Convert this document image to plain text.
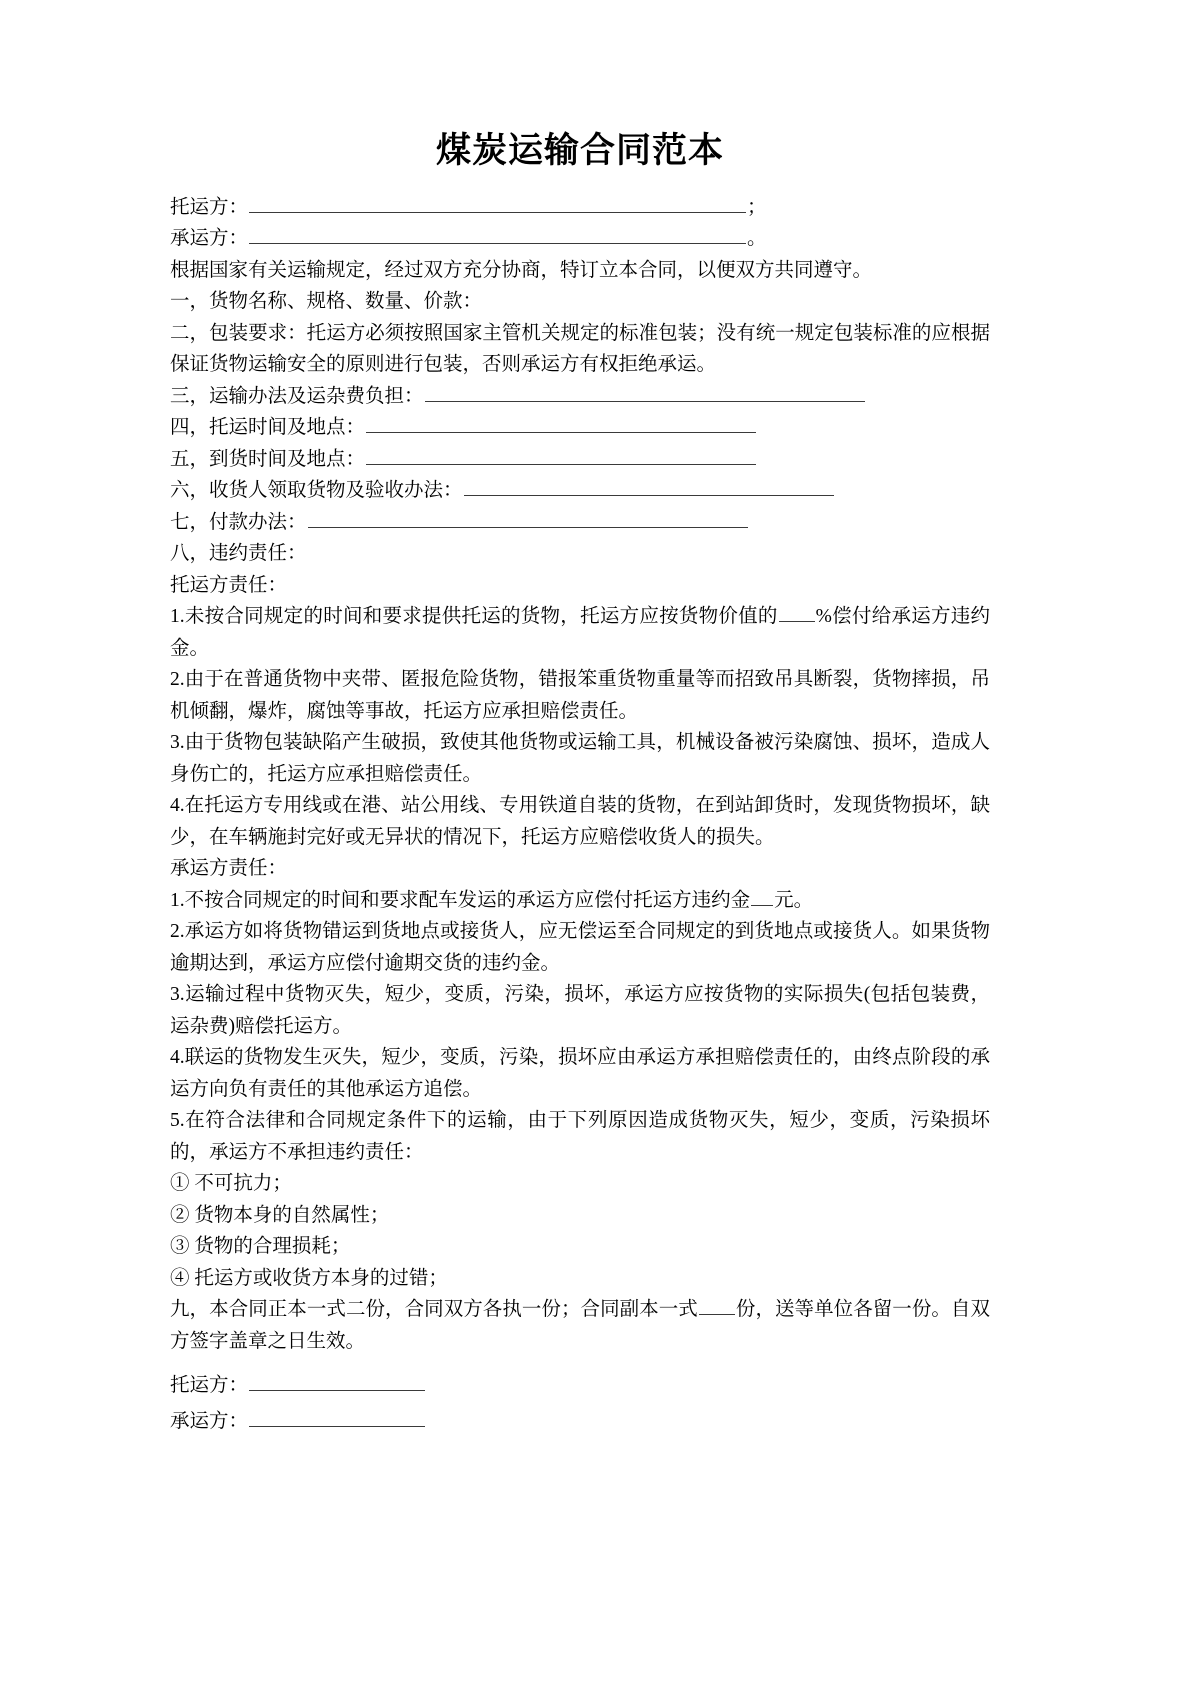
煤炭运输合同范本

托运方：	；

承运方：	。

根据国家有关运输规定，经过双方充分协商，特订立本合同，以便双方共同遵守。

一，货物名称、规格、数量、价款：

二，包装要求：托运方必须按照国家主管机关规定的标准包装；没有统一规定包装标准的应根据保证货物运输安全的原则进行包装，否则承运方有权拒绝承运。

三，运输办法及运杂费负担：

四，托运时间及地点：

五，到货时间及地点：

六，收货人领取货物及验收办法：

七，付款办法：

八，违约责任：

托运方责任：

1.未按合同规定的时间和要求提供托运的货物，托运方应按货物价值的 %偿付给承运方违约金。

2.由于在普通货物中夹带、匿报危险货物，错报笨重货物重量等而招致吊具断裂，货物摔损，吊机倾翻，爆炸，腐蚀等事故，托运方应承担赔偿责任。

3.由于货物包装缺陷产生破损，致使其他货物或运输工具，机械设备被污染腐蚀、损坏，造成人身伤亡的，托运方应承担赔偿责任。

4.在托运方专用线或在港、站公用线、专用铁道自装的货物，在到站卸货时，发现货物损坏，缺少，在车辆施封完好或无异状的情况下，托运方应赔偿收货人的损失。

承运方责任：

1.不按合同规定的时间和要求配车发运的承运方应偿付托运方违约金 元。

2.承运方如将货物错运到货地点或接货人，应无偿运至合同规定的到货地点或接货人。如果货物逾期达到，承运方应偿付逾期交货的违约金。

3.运输过程中货物灭失，短少，变质，污染，损坏，承运方应按货物的实际损失(包括包装费，运杂费)赔偿托运方。

4.联运的货物发生灭失，短少，变质，污染，损坏应由承运方承担赔偿责任的，由终点阶段的承运方向负有责任的其他承运方追偿。

5.在符合法律和合同规定条件下的运输，由于下列原因造成货物灭失，短少，变质，污染损坏的，承运方不承担违约责任：

① 不可抗力；

② 货物本身的自然属性；

③ 货物的合理损耗；

④ 托运方或收货方本身的过错；

九，本合同正本一式二份，合同双方各执一份；合同副本一式 份，送等单位各留一份。自双方签字盖章之日生效。

托运方：

承运方：
